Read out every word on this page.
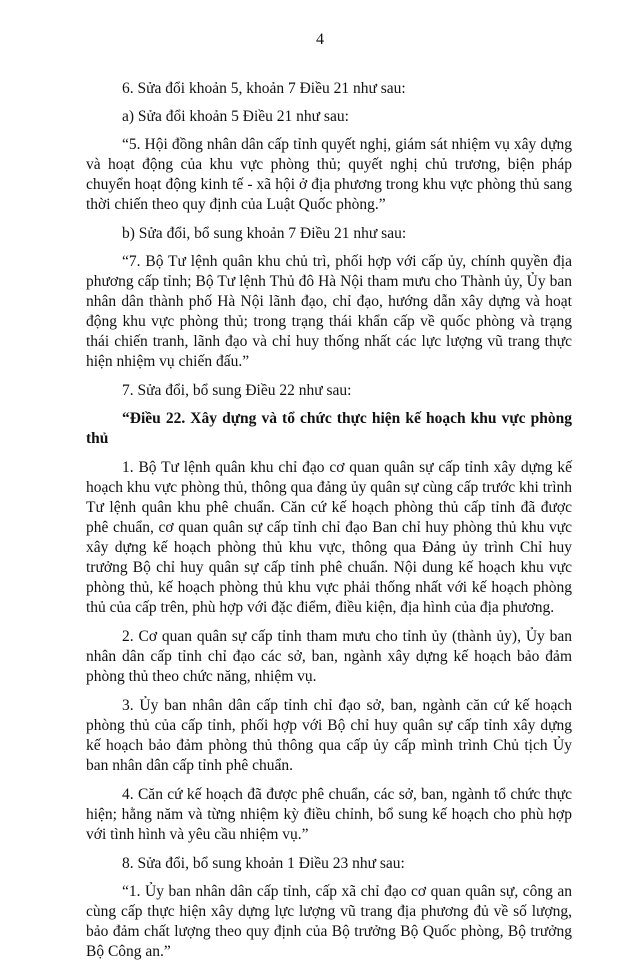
4

6. Sửa đổi khoản 5, khoản 7 Điều 21 như sau:

a) Sửa đổi khoản 5 Điều 21 như sau:

“5. Hội đồng nhân dân cấp tỉnh quyết nghị, giám sát nhiệm vụ xây dựng và hoạt động của khu vực phòng thủ; quyết nghị chủ trương, biện pháp chuyển hoạt động kinh tế - xã hội ở địa phương trong khu vực phòng thủ sang thời chiến theo quy định của Luật Quốc phòng.”

b) Sửa đổi, bổ sung khoản 7 Điều 21 như sau:

“7. Bộ Tư lệnh quân khu chủ trì, phối hợp với cấp ủy, chính quyền địa phương cấp tỉnh; Bộ Tư lệnh Thủ đô Hà Nội tham mưu cho Thành ủy, Ủy ban nhân dân thành phố Hà Nội lãnh đạo, chỉ đạo, hướng dẫn xây dựng và hoạt động khu vực phòng thủ; trong trạng thái khẩn cấp về quốc phòng và trạng thái chiến tranh, lãnh đạo và chỉ huy thống nhất các lực lượng vũ trang thực hiện nhiệm vụ chiến đấu.”

7. Sửa đổi, bổ sung Điều 22 như sau:

“Điều 22. Xây dựng và tổ chức thực hiện kế hoạch khu vực phòng thủ

1. Bộ Tư lệnh quân khu chỉ đạo cơ quan quân sự cấp tỉnh xây dựng kế hoạch khu vực phòng thủ, thông qua đảng ủy quân sự cùng cấp trước khi trình Tư lệnh quân khu phê chuẩn. Căn cứ kế hoạch phòng thủ cấp tỉnh đã được phê chuẩn, cơ quan quân sự cấp tỉnh chỉ đạo Ban chỉ huy phòng thủ khu vực xây dựng kế hoạch phòng thủ khu vực, thông qua Đảng ủy trình Chỉ huy trưởng Bộ chỉ huy quân sự cấp tỉnh phê chuẩn. Nội dung kế hoạch khu vực phòng thủ, kế hoạch phòng thủ khu vực phải thống nhất với kế hoạch phòng thủ của cấp trên, phù hợp với đặc điểm, điều kiện, địa hình của địa phương.

2. Cơ quan quân sự cấp tỉnh tham mưu cho tỉnh ủy (thành ủy), Ủy ban nhân dân cấp tỉnh chỉ đạo các sở, ban, ngành xây dựng kế hoạch bảo đảm phòng thủ theo chức năng, nhiệm vụ.

3. Ủy ban nhân dân cấp tỉnh chỉ đạo sở, ban, ngành căn cứ kế hoạch phòng thủ của cấp tỉnh, phối hợp với Bộ chỉ huy quân sự cấp tỉnh xây dựng kế hoạch bảo đảm phòng thủ thông qua cấp ủy cấp mình trình Chủ tịch Ủy ban nhân dân cấp tỉnh phê chuẩn.

4. Căn cứ kế hoạch đã được phê chuẩn, các sở, ban, ngành tổ chức thực hiện; hằng năm và từng nhiệm kỳ điều chỉnh, bổ sung kế hoạch cho phù hợp với tình hình và yêu cầu nhiệm vụ.”

8. Sửa đổi, bổ sung khoản 1 Điều 23 như sau:

“1. Ủy ban nhân dân cấp tỉnh, cấp xã chỉ đạo cơ quan quân sự, công an cùng cấp thực hiện xây dựng lực lượng vũ trang địa phương đủ về số lượng, bảo đảm chất lượng theo quy định của Bộ trưởng Bộ Quốc phòng, Bộ trưởng Bộ Công an.”
